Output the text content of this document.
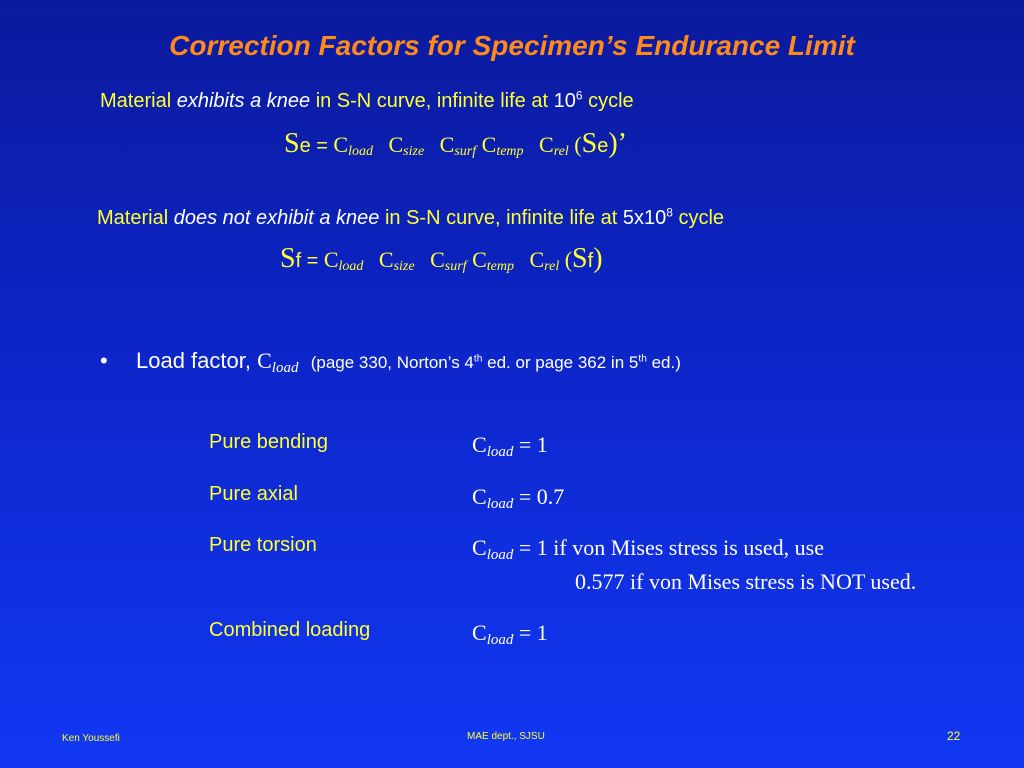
Correction Factors for Specimen’s Endurance Limit
Material exhibits a knee in S-N curve, infinite life at $10^6$ cycle
$Se = C_{load}$ $C_{size}$ $C_{surf}$ $C_{temp}$ $C_{rel}$ (Se)’
Material does not exhibit a knee in S-N curve, infinite life at $5x10^8$ cycle
$Sf = C_{load}$ $C_{size}$ $C_{surf}$ $C_{temp}$ $C_{rel}$ (Sf)
• Load factor, $C_{load}$ (page 330, Norton’s 4th ed. or page 362 in 5th ed.)
Pure bending	$C_{load} = 1$
Pure axial	$C_{load} = 0.7$
Pure torsion	$C_{load} = 1$ if von Mises stress is used, use
0.577 if von Mises stress is NOT used.
Combined loading	$C_{load} = 1$
Ken Youssefi	MAE dept., SJSU	22
